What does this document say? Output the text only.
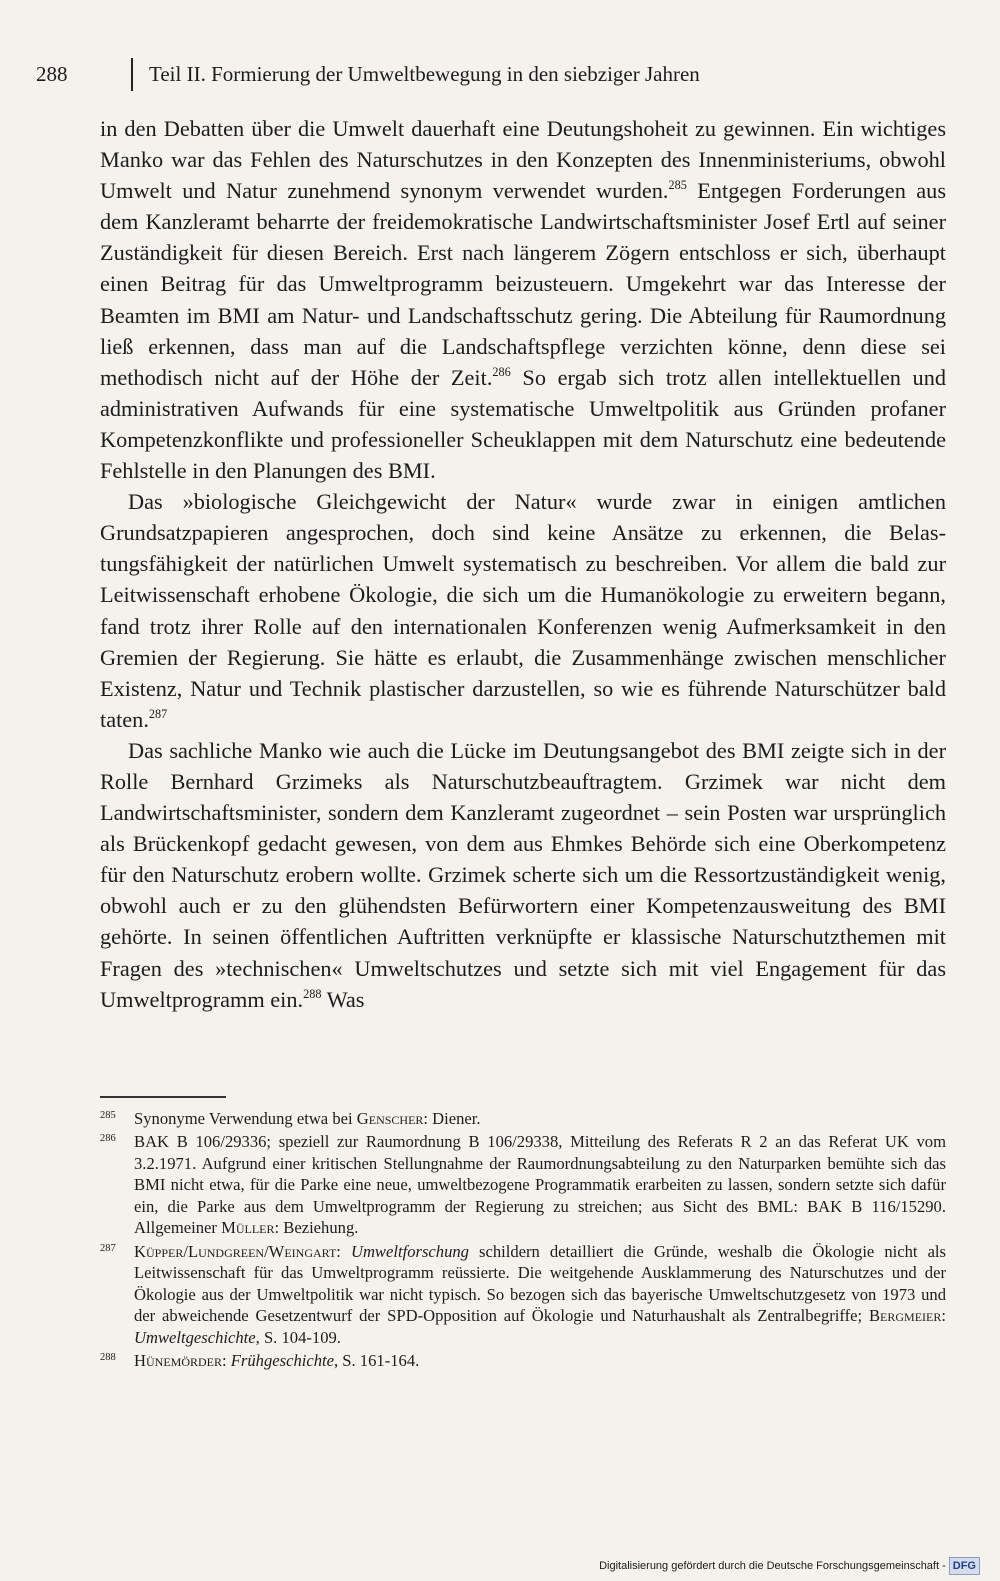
288	Teil II. Formierung der Umweltbewegung in den siebziger Jahren

in den Debatten über die Umwelt dauerhaft eine Deutungshoheit zu gewinnen. Ein wichtiges Manko war das Fehlen des Naturschutzes in den Konzepten des Innenministeriums, obwohl Umwelt und Natur zunehmend synonym verwendet wurden.$^{285}$ Entgegen Forderungen aus dem Kanzleramt beharrte der freidemokratische Landwirtschaftsminister Josef Ertl auf seiner Zuständigkeit für diesen Bereich. Erst nach längerem Zögern entschloss er sich, überhaupt einen Beitrag für das Umweltprogramm beizusteuern. Umgekehrt war das Interesse der Beamten im BMI am Natur- und Landschaftsschutz gering. Die Abteilung für Raumordnung ließ erkennen, dass man auf die Landschaftspflege verzichten könne, denn diese sei methodisch nicht auf der Höhe der Zeit.$^{286}$ So ergab sich trotz allen intellektuellen und administrativen Aufwands für eine systematische Umweltpolitik aus Gründen profaner Kompetenzkonflikte und professioneller Scheuklappen mit dem Naturschutz eine bedeutende Fehlstelle in den Planungen des BMI.

Das »biologische Gleichgewicht der Natur« wurde zwar in einigen amtlichen Grundsatzpapieren angesprochen, doch sind keine Ansätze zu erkennen, die Belastungsfähigkeit der natürlichen Umwelt systematisch zu beschreiben. Vor allem die bald zur Leitwissenschaft erhobene Ökologie, die sich um die Humanökologie zu erweitern begann, fand trotz ihrer Rolle auf den internationalen Konferenzen wenig Aufmerksamkeit in den Gremien der Regierung. Sie hätte es erlaubt, die Zusammenhänge zwischen menschlicher Existenz, Natur und Technik plastischer darzustellen, so wie es führende Naturschützer bald taten.$^{287}$

Das sachliche Manko wie auch die Lücke im Deutungsangebot des BMI zeigte sich in der Rolle Bernhard Grzimeks als Naturschutzbeauftragtem. Grzimek war nicht dem Landwirtschaftsminister, sondern dem Kanzleramt zugeordnet – sein Posten war ursprünglich als Brückenkopf gedacht gewesen, von dem aus Ehmkes Behörde sich eine Oberkompetenz für den Naturschutz erobern wollte. Grzimek scherte sich um die Ressortzuständigkeit wenig, obwohl auch er zu den glühendsten Befürwortern einer Kompetenzausweitung des BMI gehörte. In seinen öffentlichen Auftritten verknüpfte er klassische Naturschutzthemen mit Fragen des »technischen« Umweltschutzes und setzte sich mit viel Engagement für das Umweltprogramm ein.$^{288}$ Was

285 Synonyme Verwendung etwa bei Genscher: Diener.
286 BAK B 106/29336; speziell zur Raumordnung B 106/29338, Mitteilung des Referats R 2 an das Referat UK vom 3.2.1971. Aufgrund einer kritischen Stellungnahme der Raumordnungsabteilung zu den Naturparken bemühte sich das BMI nicht etwa, für die Parke eine neue, umweltbezogene Programmatik erarbeiten zu lassen, sondern setzte sich dafür ein, die Parke aus dem Umweltprogramm der Regierung zu streichen; aus Sicht des BML: BAK B 116/15290. Allgemeiner Müller: Beziehung.
287 Küpper/Lundgreen/Weingart: Umweltforschung schildern detailliert die Gründe, weshalb die Ökologie nicht als Leitwissenschaft für das Umweltprogramm reüssierte. Die weitgehende Ausklammerung des Naturschutzes und der Ökologie aus der Umweltpolitik war nicht typisch. So bezogen sich das bayerische Umweltschutzgesetz von 1973 und der abweichende Gesetzentwurf der SPD-Opposition auf Ökologie und Naturhaushalt als Zentralbegriffe; Bergmeier: Umweltgeschichte, S. 104-109.
288 Hünemörder: Frühgeschichte, S. 161-164.
Digitalisierung gefördert durch die Deutsche Forschungsgemeinschaft - DFG
